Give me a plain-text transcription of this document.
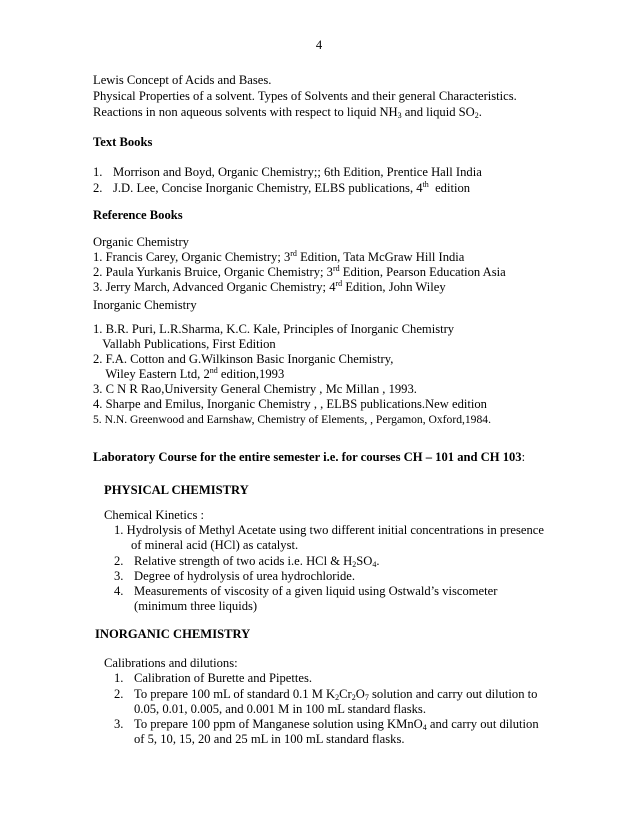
4
Lewis Concept of Acids and Bases.
Physical Properties of a solvent. Types of Solvents and their general Characteristics.
Reactions in non aqueous solvents with respect to liquid $NH_3$ and liquid $SO_2$.
Text Books
1. Morrison and Boyd, Organic Chemistry;; 6th Edition, Prentice Hall India
2. J.D. Lee, Concise Inorganic Chemistry, ELBS publications, 4th  edition
Reference Books
Organic Chemistry
1. Francis Carey, Organic Chemistry; 3rd Edition, Tata McGraw Hill India
2. Paula Yurkanis Bruice, Organic Chemistry; 3rd Edition, Pearson Education Asia
3. Jerry March, Advanced Organic Chemistry; 4rd Edition, John Wiley
Inorganic Chemistry
1. B.R. Puri, L.R.Sharma, K.C. Kale, Principles of Inorganic Chemistry
Vallabh Publications, First Edition
2. F.A. Cotton and G.Wilkinson Basic Inorganic Chemistry,
Wiley Eastern Ltd, 2nd edition,1993
3. C N R Rao,University General Chemistry , Mc Millan , 1993.
4. Sharpe and Emilus, Inorganic Chemistry , , ELBS publications.New edition
5. N.N. Greenwood and Earnshaw, Chemistry of Elements, , Pergamon, Oxford,1984.
Laboratory Course for the entire semester i.e. for courses CH – 101 and CH 103:
PHYSICAL CHEMISTRY
Chemical Kinetics :
1. Hydrolysis of Methyl Acetate using two different initial concentrations in presence
of mineral acid (HCl) as catalyst.
2. Relative strength of two acids i.e. HCl & $H_2SO_4$.
3. Degree of hydrolysis of urea hydrochloride.
4. Measurements of viscosity of a given liquid using Ostwald’s viscometer
(minimum three liquids)
INORGANIC CHEMISTRY
Calibrations and dilutions:
1. Calibration of Burette and Pipettes.
2. To prepare 100 mL of standard 0.1 M $K_2Cr_2O_7$ solution and carry out dilution to
0.05, 0.01, 0.005, and 0.001 M in 100 mL standard flasks.
3. To prepare 100 ppm of Manganese solution using KMnO$_4$ and carry out dilution
of 5, 10, 15, 20 and 25 mL in 100 mL standard flasks.
